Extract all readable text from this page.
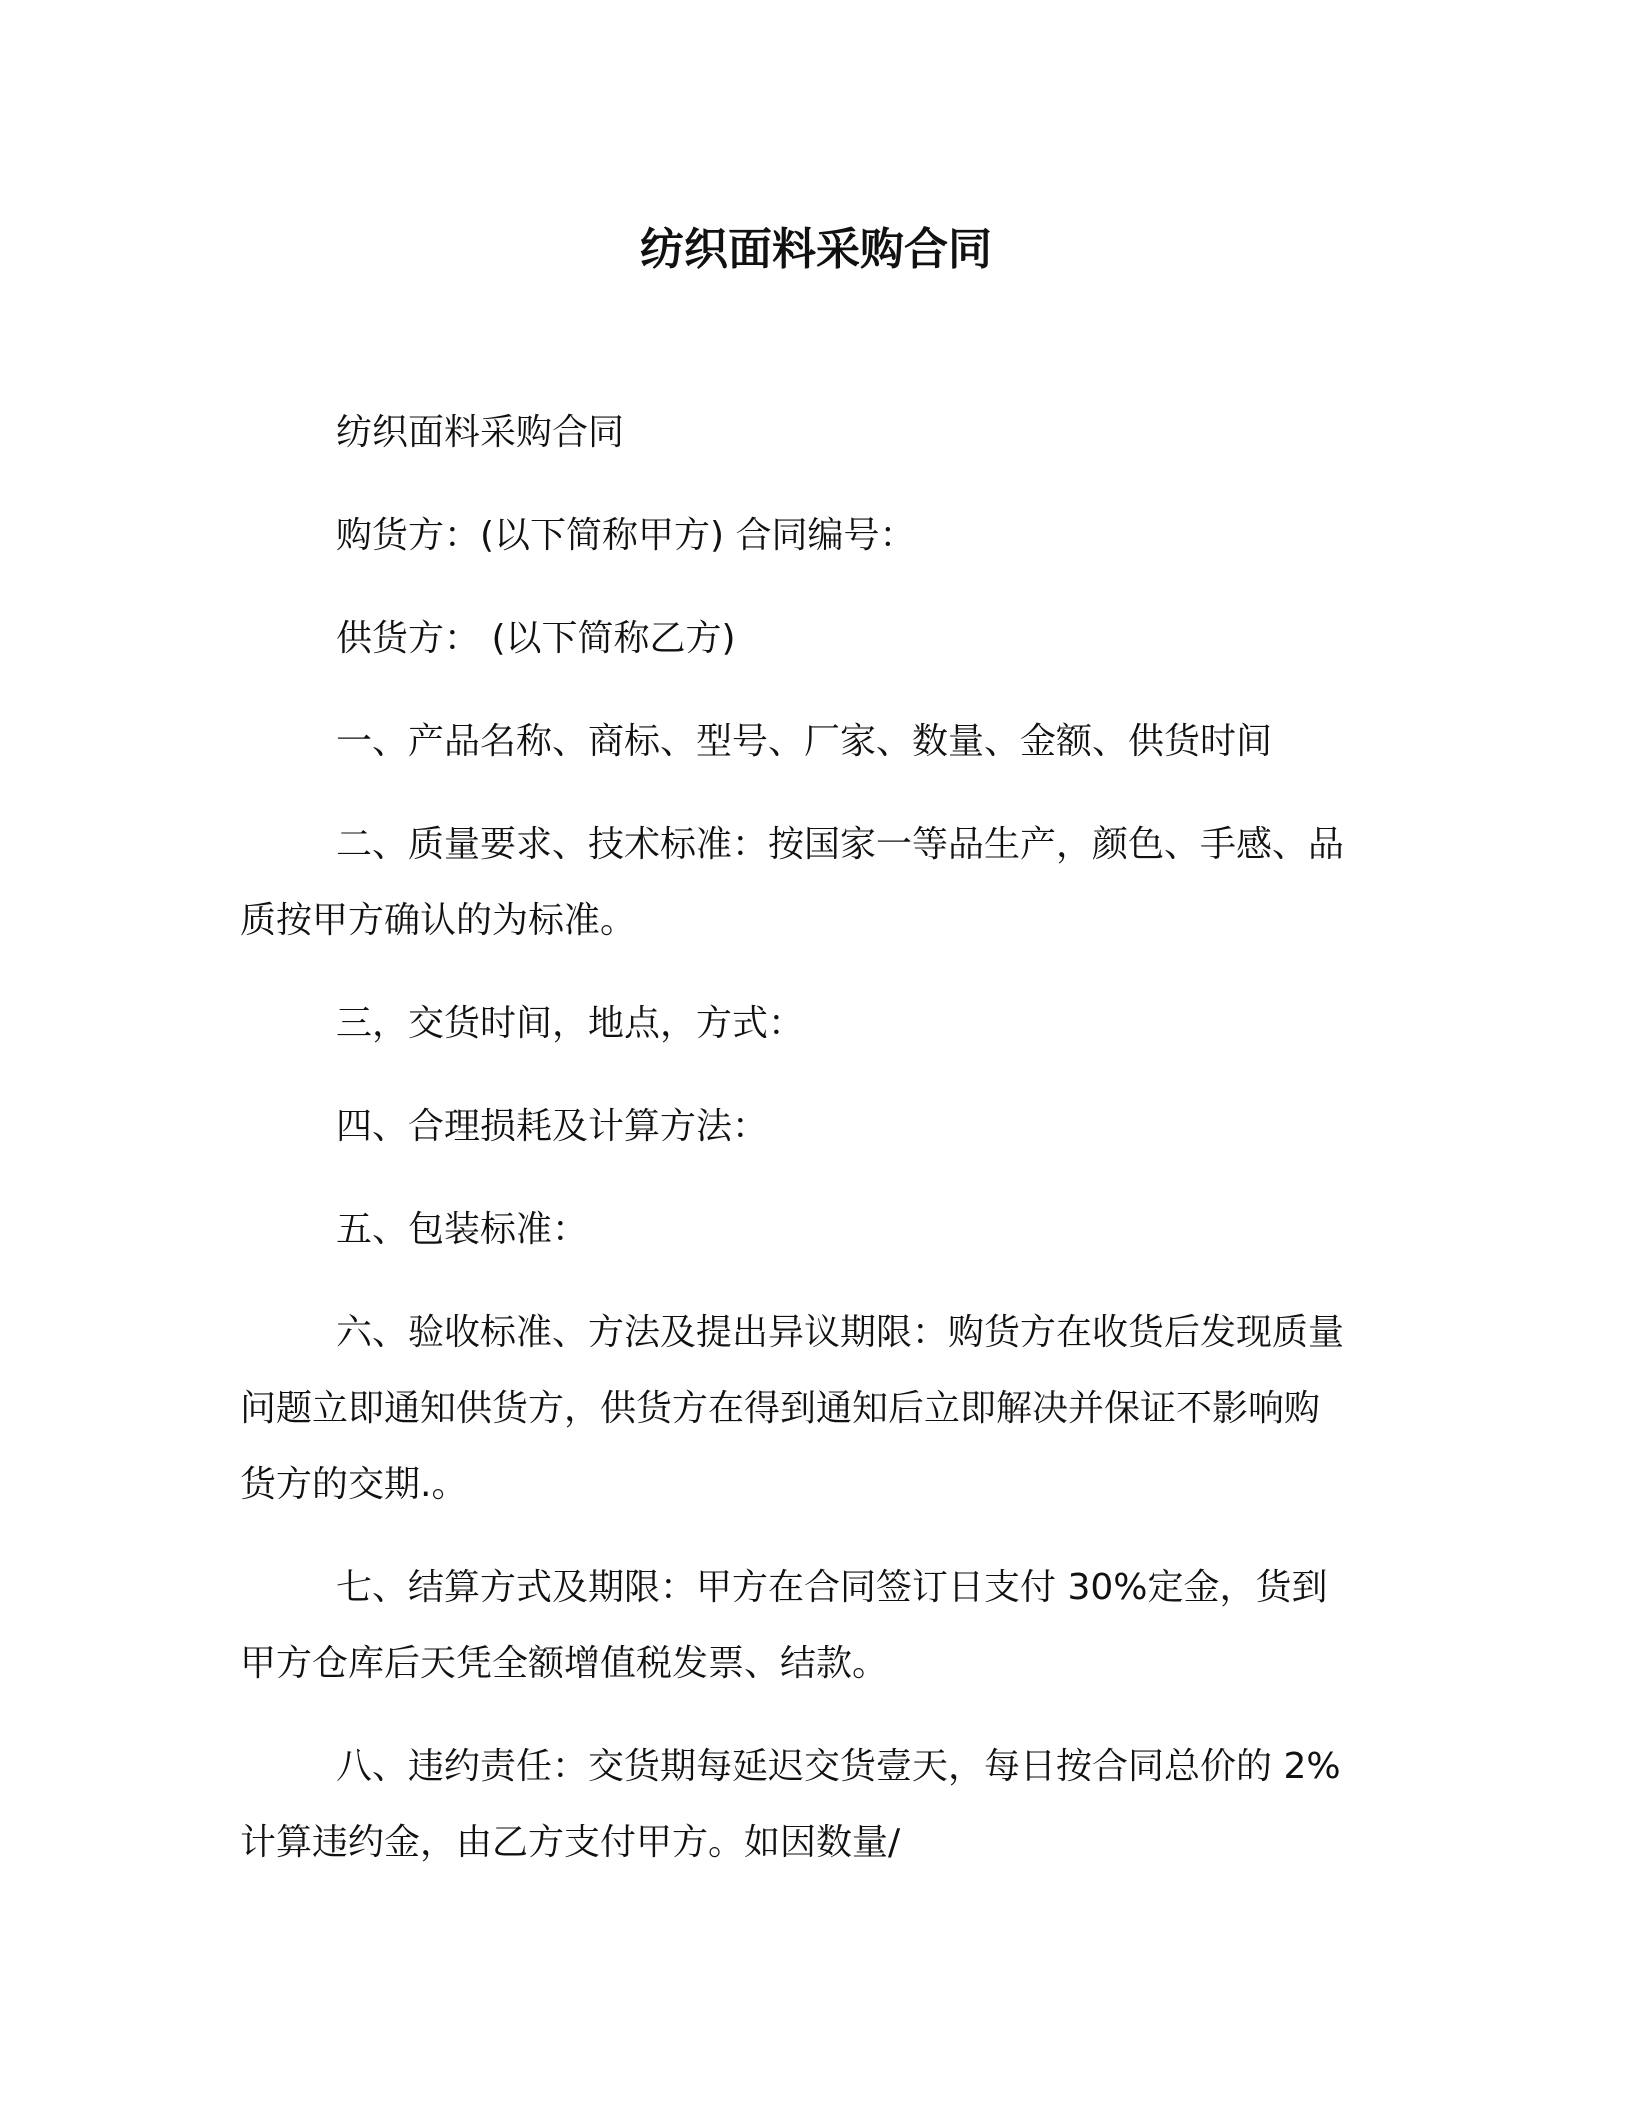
纺织面料采购合同

纺织面料采购合同

购货方：(以下简称甲方) 合同编号：

供货方： (以下简称乙方)

一、产品名称、商标、型号、厂家、数量、金额、供货时间

二、质量要求、技术标准：按国家一等品生产，颜色、手感、品
质按甲方确认的为标准。

三，交货时间，地点，方式：

四、合理损耗及计算方法：

五、包装标准：

六、验收标准、方法及提出异议期限：购货方在收货后发现质量
问题立即通知供货方，供货方在得到通知后立即解决并保证不影响购
货方的交期.。

七、结算方式及期限：甲方在合同签订日支付 30%定金，货到
甲方仓库后天凭全额增值税发票、结款。

八、违约责任：交货期每延迟交货壹天，每日按合同总价的 2%
计算违约金，由乙方支付甲方。如因数量/
